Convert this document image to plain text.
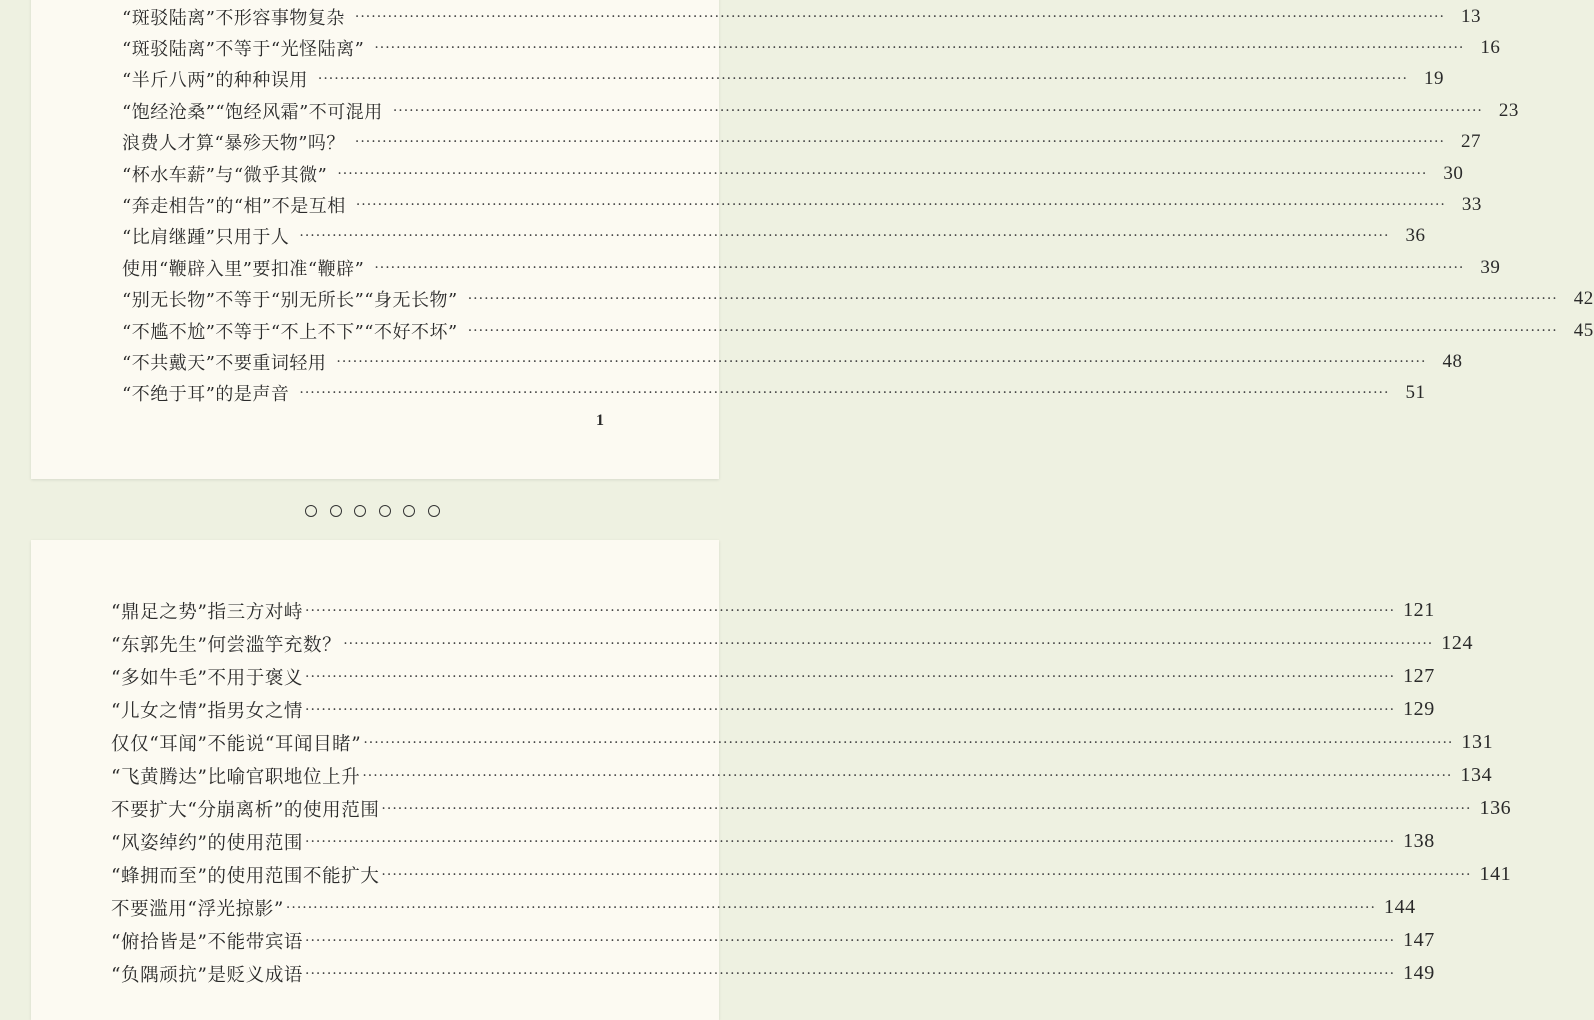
“斑驳陆离”不形容事物复杂 ········································································································································································································ 13
“斑驳陆离”不等于“光怪陆离” ········································································································································································································ 16
“半斤八两”的种种误用 ········································································································································································································ 19
“饱经沧桑”“饱经风霜”不可混用 ········································································································································································································ 23
浪费人才算“暴殄天物”吗？ ········································································································································································································ 27
“杯水车薪”与“微乎其微” ········································································································································································································ 30
“奔走相告”的“相”不是互相 ········································································································································································································ 33
“比肩继踵”只用于人 ········································································································································································································ 36
使用“鞭辟入里”要扣准“鞭辟” ········································································································································································································ 39
“别无长物”不等于“别无所长”“身无长物” ········································································································································································································ 42
“不尴不尬”不等于“不上不下”“不好不坏” ········································································································································································································ 45
“不共戴天”不要重词轻用 ········································································································································································································ 48
“不绝于耳”的是声音 ········································································································································································································ 51
1
“鼎足之势”指三方对峙 ········································································································································································································ 121
“东郭先生”何尝滥竽充数？ ········································································································································································································ 124
“多如牛毛”不用于褒义 ········································································································································································································ 127
“儿女之情”指男女之情 ········································································································································································································ 129
仅仅“耳闻”不能说“耳闻目睹” ········································································································································································································ 131
“飞黄腾达”比喻官职地位上升 ········································································································································································································ 134
不要扩大“分崩离析”的使用范围 ········································································································································································································ 136
“风姿绰约”的使用范围 ········································································································································································································ 138
“蜂拥而至”的使用范围不能扩大 ········································································································································································································ 141
不要滥用“浮光掠影” ········································································································································································································ 144
“俯拾皆是”不能带宾语 ········································································································································································································ 147
“负隅顽抗”是贬义成语 ········································································································································································································ 149
